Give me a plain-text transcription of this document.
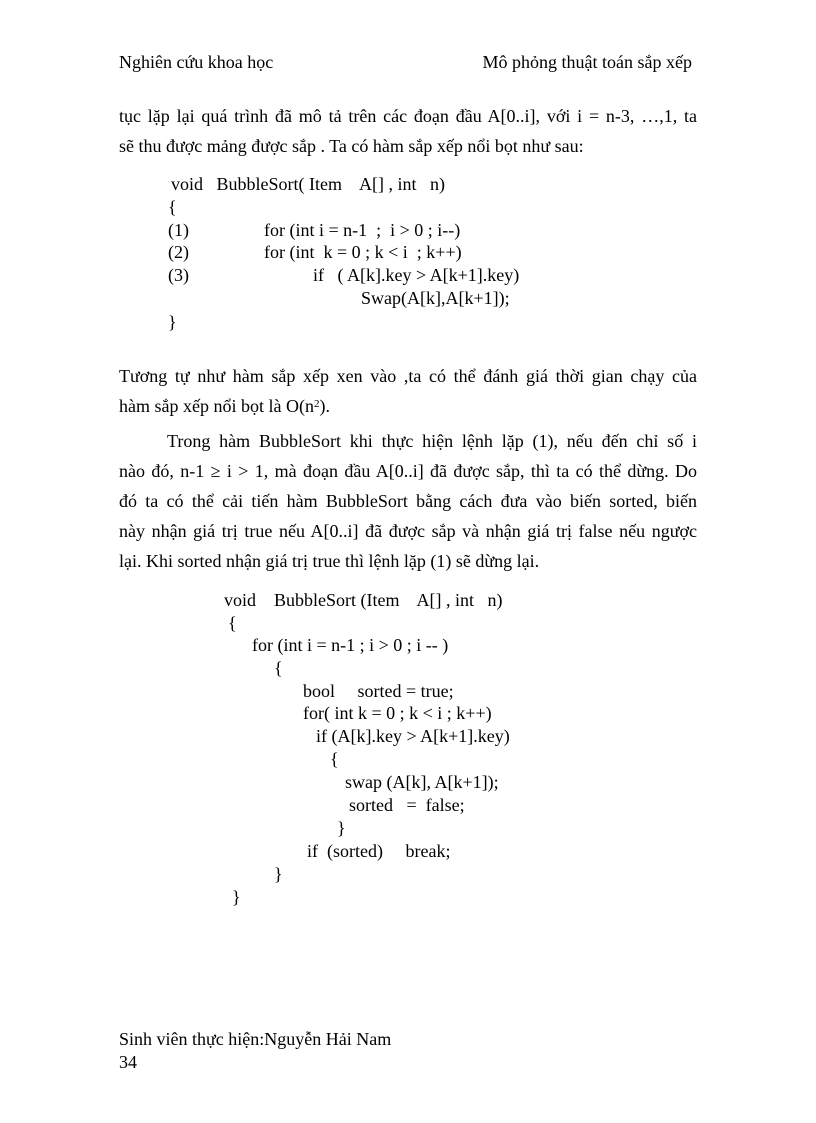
Nghiên cứu khoa học	Mô phỏng thuật toán sắp xếp
tục lặp lại quá trình đã mô tả trên các đoạn đầu A[0..i], với i = n-3, …,1, ta
sẽ thu được mảng được sắp . Ta có hàm sắp xếp nổi bọt như sau:

void   BubbleSort( Item    A[] , int   n)

{

(1)

	for (int i = n-1  ;  i > 0 ; i--)

(2)

	for (int  k = 0 ; k < i  ; k++)

(3)

	if   ( A[k].key > A[k+1].key)

Swap(A[k],A[k+1]);

}

Tương tự như hàm sắp xếp xen vào ,ta có thể đánh giá thời gian chạy của
hàm sắp xếp nổi bọt là $O(n^2)$.
Trong hàm BubbleSort khi thực hiện lệnh lặp (1), nếu đến chỉ số i
nào đó, n-1 ≥ i > 1, mà đoạn đầu A[0..i] đã được sắp, thì ta có thể dừng. Do
đó ta có thể cải tiến hàm BubbleSort bằng cách đưa vào biến sorted, biến
này nhận giá trị true nếu A[0..i] đã được sắp và nhận giá trị false nếu ngược
lại. Khi sorted nhận giá trị true thì lệnh lặp (1) sẽ dừng lại.

void    BubbleSort (Item    A[] , int   n)

{

for (int i = n-1 ; i > 0 ; i -- )

{

bool     sorted = true;

for( int k = 0 ; k < i ; k++)

if (A[k].key > A[k+1].key)

{

swap (A[k], A[k+1]);

sorted   =  false;

}

if  (sorted)     break;

}

}

Sinh viên thực hiện:Nguyễn Hải Nam
34
